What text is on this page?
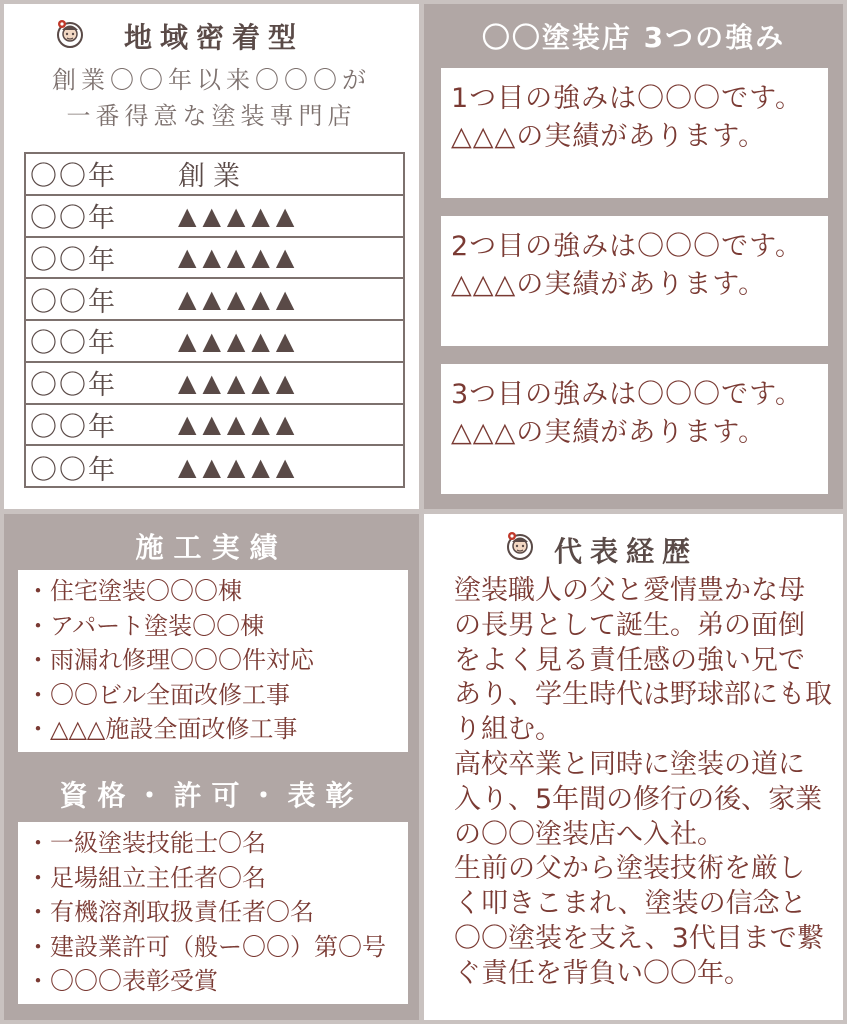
地域密着型
創業〇〇年以来〇〇〇が
一番得意な塗装専門店
〇〇年	創業
〇〇年	▲▲▲▲▲
〇〇年	▲▲▲▲▲
〇〇年	▲▲▲▲▲
〇〇年	▲▲▲▲▲
〇〇年	▲▲▲▲▲
〇〇年	▲▲▲▲▲
〇〇年	▲▲▲▲▲
〇〇塗装店 3つの強み
1つ目の強みは〇〇〇です。
△△△の実績があります。
2つ目の強みは〇〇〇です。
△△△の実績があります。
3つ目の強みは〇〇〇です。
△△△の実績があります。
施工実績
・住宅塗装〇〇〇棟
・アパート塗装〇〇棟
・雨漏れ修理〇〇〇件対応
・〇〇ビル全面改修工事
・△△△施設全面改修工事
資格・許可・表彰
・一級塗装技能士〇名
・足場組立主任者〇名
・有機溶剤取扱責任者〇名
・建設業許可（般ー〇〇）第〇号
・〇〇〇表彰受賞
代表経歴
塗装職人の父と愛情豊かな母
の長男として誕生。弟の面倒
をよく見る責任感の強い兄で
あり、学生時代は野球部にも取
り組む。
高校卒業と同時に塗装の道に
入り、5年間の修行の後、家業
の〇〇塗装店へ入社。
生前の父から塗装技術を厳し
く叩きこまれ、塗装の信念と
〇〇塗装を支え、3代目まで繋
ぐ責任を背負い〇〇年。
